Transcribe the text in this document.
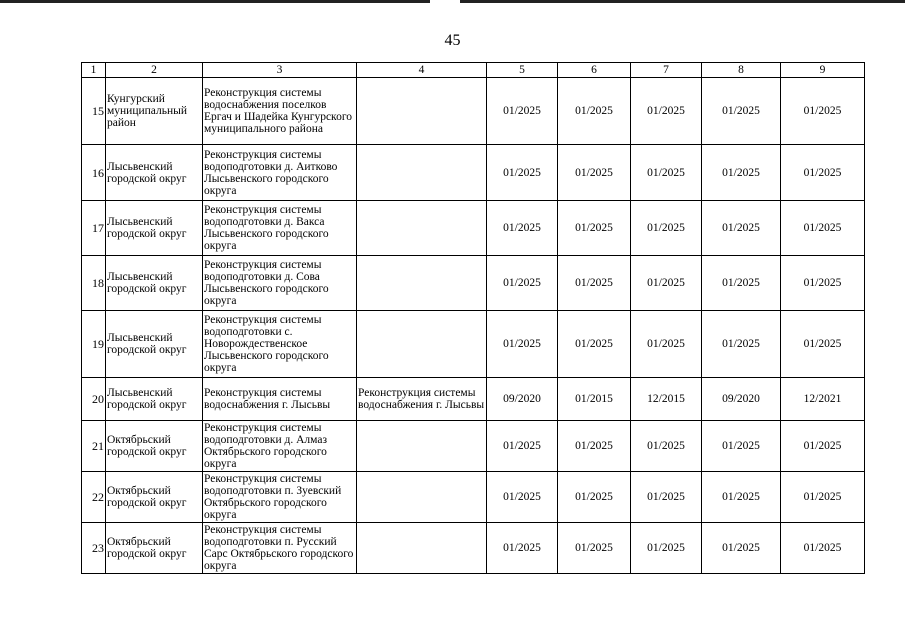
45
1	2	3	4	5	6	7	8	9
15	Кунгурский муниципальный район	Реконструкция системы водоснабжения поселков Ергач и Шадейка Кунгурского муниципального района		01/2025	01/2025	01/2025	01/2025	01/2025
16	Лысьвенский городской округ	Реконструкция системы водоподготовки д. Аитково Лысьвенского городского округа		01/2025	01/2025	01/2025	01/2025	01/2025
17	Лысьвенский городской округ	Реконструкция системы водоподготовки д. Вакса Лысьвенского городского округа		01/2025	01/2025	01/2025	01/2025	01/2025
18	Лысьвенский городской округ	Реконструкция системы водоподготовки д. Сова Лысьвенского городского округа		01/2025	01/2025	01/2025	01/2025	01/2025
19	Лысьвенский городской округ	Реконструкция системы водоподготовки с. Новорождественское Лысьвенского городского округа		01/2025	01/2025	01/2025	01/2025	01/2025
20	Лысьвенский городской округ	Реконструкция системы водоснабжения г. Лысьвы	Реконструкция системы водоснабжения г. Лысьвы	09/2020	01/2015	12/2015	09/2020	12/2021
21	Октябрьский городской округ	Реконструкция системы водоподготовки д. Алмаз Октябрьского городского округа		01/2025	01/2025	01/2025	01/2025	01/2025
22	Октябрьский городской округ	Реконструкция системы водоподготовки п. Зуевский Октябрьского городского округа		01/2025	01/2025	01/2025	01/2025	01/2025
23	Октябрьский городской округ	Реконструкция системы водоподготовки п. Русский Сарс Октябрьского городского округа		01/2025	01/2025	01/2025	01/2025	01/2025
